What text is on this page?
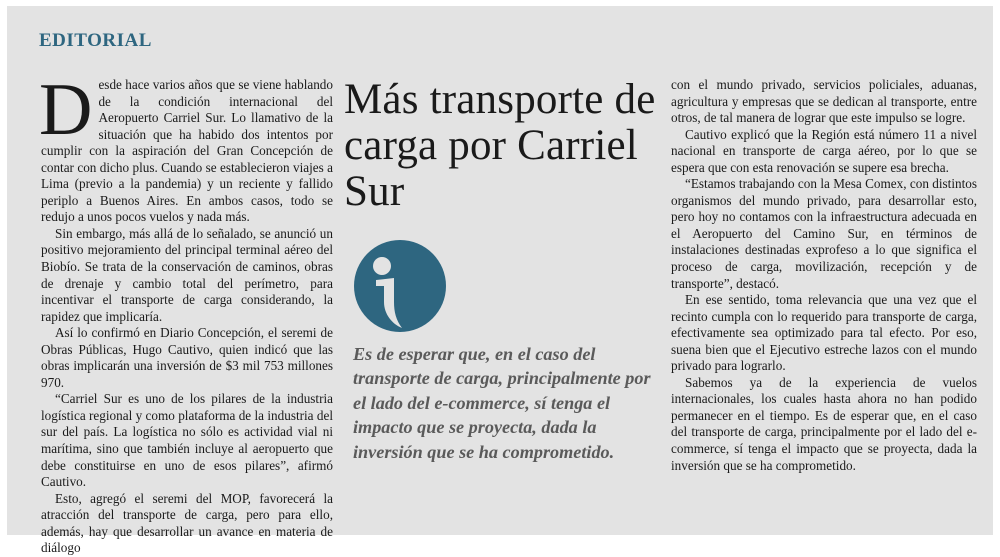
EDITORIAL

Desde hace varios años que se viene hablando de la condición internacional del Aeropuerto Carriel Sur. Lo llamativo de la situación que ha habido dos intentos por cumplir con la aspiración del Gran Concepción de contar con dicho plus. Cuando se establecieron viajes a Lima (previo a la pandemia) y un reciente y fallido periplo a Buenos Aires. En ambos casos, todo se redujo a unos pocos vuelos y nada más.

Sin embargo, más allá de lo señalado, se anunció un positivo mejoramiento del principal terminal aéreo del Biobío. Se trata de la conservación de caminos, obras de drenaje y cambio total del perímetro, para incentivar el transporte de carga considerando, la rapidez que implicaría.

Así lo confirmó en Diario Concepción, el seremi de Obras Públicas, Hugo Cautivo, quien indicó que las obras implicarán una inversión de $3 mil 753 millones 970.

“Carriel Sur es uno de los pilares de la industria logística regional y como plataforma de la industria del sur del país. La logística no sólo es actividad vial ni marítima, sino que también incluye al aeropuerto que debe constituirse en uno de esos pilares”, afirmó Cautivo.

Esto, agregó el seremi del MOP, favorecerá la atracción del transporte de carga, pero para ello, además, hay que desarrollar un avance en materia de diálogo

Más transporte de carga por Carriel Sur

Es de esperar que, en el caso del transporte de carga, principalmente por el lado del e-commerce, sí tenga el impacto que se proyecta, dada la inversión que se ha comprometido.

con el mundo privado, servicios policiales, aduanas, agricultura y empresas que se dedican al transporte, entre otros, de tal manera de lograr que este impulso se logre.

Cautivo explicó que la Región está número 11 a nivel nacional en transporte de carga aéreo, por lo que se espera que con esta renovación se supere esa brecha.

“Estamos trabajando con la Mesa Comex, con distintos organismos del mundo privado, para desarrollar esto, pero hoy no contamos con la infraestructura adecuada en el Aeropuerto del Camino Sur, en términos de instalaciones destinadas exprofeso a lo que significa el proceso de carga, movilización, recepción y de transporte”, destacó.

En ese sentido, toma relevancia que una vez que el recinto cumpla con lo requerido para transporte de carga, efectivamente sea optimizado para tal efecto. Por eso, suena bien que el Ejecutivo estreche lazos con el mundo privado para lograrlo.

Sabemos ya de la experiencia de vuelos internacionales, los cuales hasta ahora no han podido permanecer en el tiempo. Es de esperar que, en el caso del transporte de carga, principalmente por el lado del e-commerce, sí tenga el impacto que se proyecta, dada la inversión que se ha comprometido.
